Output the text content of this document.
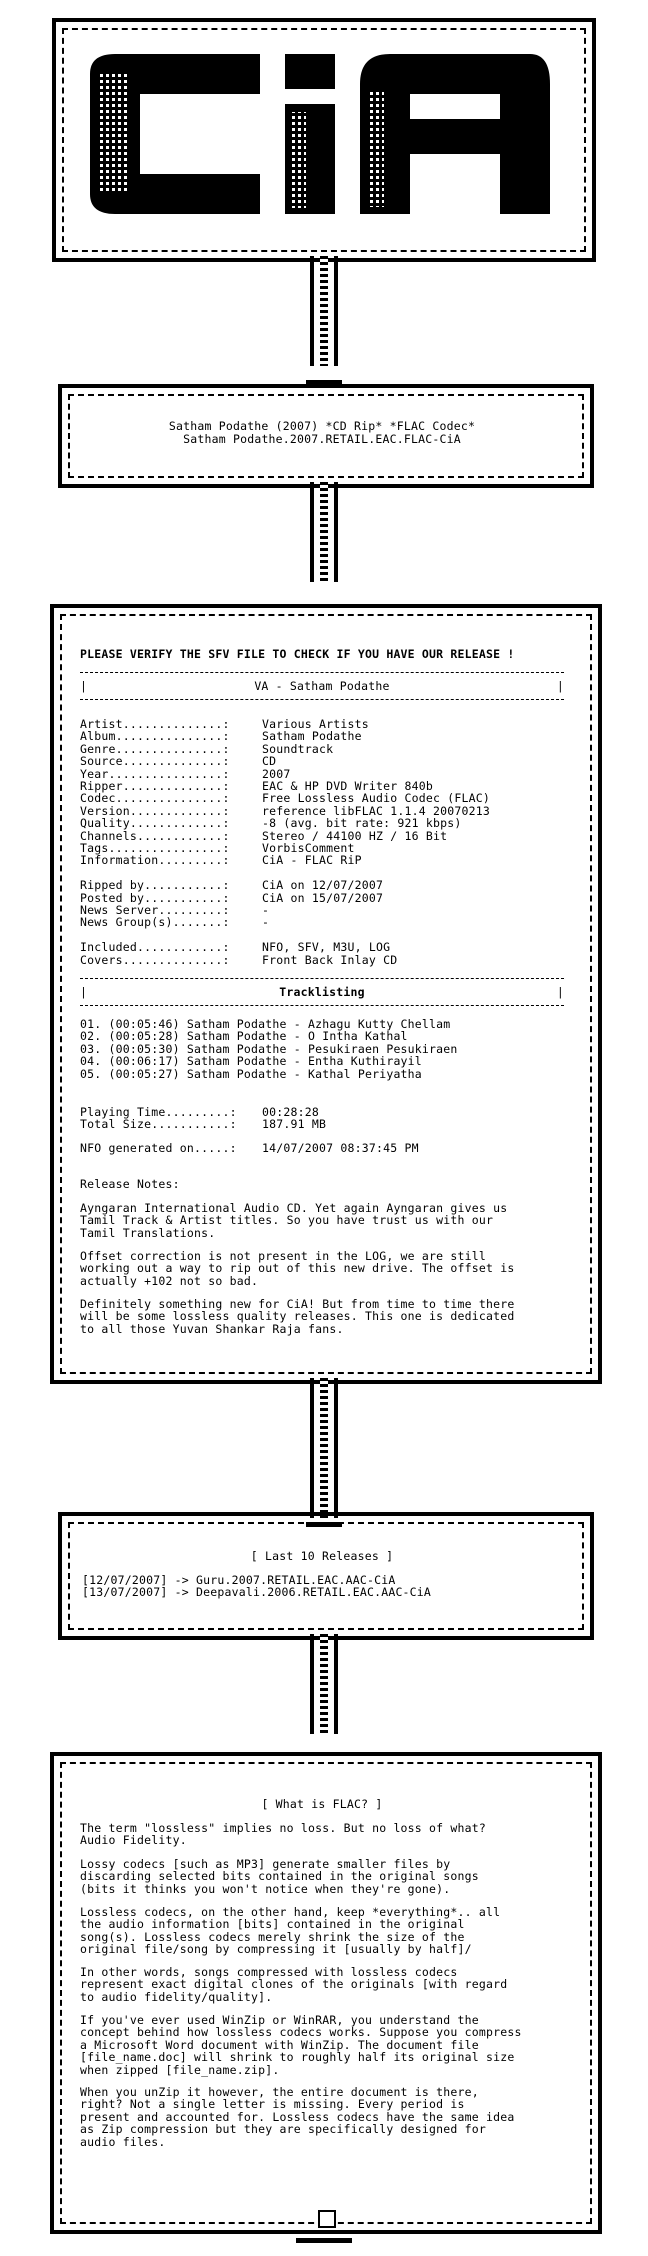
Satham Podathe (2007) *CD Rip* *FLAC Codec*
Satham Podathe.2007.RETAIL.EAC.FLAC-CiA
PLEASE VERIFY THE SFV FILE TO CHECK IF YOU HAVE OUR RELEASE !
VA - Satham Podathe
|	|
Artist..............:	Various Artists
Album...............:	Satham Podathe
Genre...............:	Soundtrack
Source..............:	CD
Year................:	2007
Ripper..............:	EAC & HP DVD Writer 840b
Codec...............:	Free Lossless Audio Codec (FLAC)
Version.............:	reference libFLAC 1.1.4 20070213
Quality.............:	-8 (avg. bit rate: 921 kbps)
Channels............:	Stereo / 44100 HZ / 16 Bit
Tags................:	VorbisComment
Information.........:	CiA - FLAC RiP
Ripped by...........:	CiA on 12/07/2007
Posted by...........:	CiA on 15/07/2007
News Server.........:	-
News Group(s).......:	-
Included............:	NFO, SFV, M3U, LOG
Covers..............:	Front Back Inlay CD
Tracklisting
|	|
01. (00:05:46) Satham Podathe - Azhagu Kutty Chellam
02. (00:05:28) Satham Podathe - O Intha Kathal
03. (00:05:30) Satham Podathe - Pesukiraen Pesukiraen
04. (00:06:17) Satham Podathe - Entha Kuthirayil
05. (00:05:27) Satham Podathe - Kathal Periyatha
Playing Time.........: 00:28:28
Total Size...........: 187.91 MB
NFO generated on.....: 14/07/2007 08:37:45 PM
Release Notes:
Ayngaran International Audio CD. Yet again Ayngaran gives us
Tamil Track & Artist titles. So you have trust us with our
Tamil Translations.
Offset correction is not present in the LOG, we are still
working out a way to rip out of this new drive. The offset is
actually +102 not so bad.
Definitely something new for CiA! But from time to time there
will be some lossless quality releases. This one is dedicated
to all those Yuvan Shankar Raja fans.
[ Last 10 Releases ]
[12/07/2007] -> Guru.2007.RETAIL.EAC.AAC-CiA
[13/07/2007] -> Deepavali.2006.RETAIL.EAC.AAC-CiA
[ What is FLAC? ]
The term "lossless" implies no loss. But no loss of what?
Audio Fidelity.
Lossy codecs [such as MP3] generate smaller files by
discarding selected bits contained in the original songs
(bits it thinks you won't notice when they're gone).
Lossless codecs, on the other hand, keep *everything*.. all
the audio information [bits] contained in the original
song(s). Lossless codecs merely shrink the size of the
original file/song by compressing it [usually by half]/
In other words, songs compressed with lossless codecs
represent exact digital clones of the originals [with regard
to audio fidelity/quality].
If you've ever used WinZip or WinRAR, you understand the
concept behind how lossless codecs works. Suppose you compress
a Microsoft Word document with WinZip. The document file
[file_name.doc] will shrink to roughly half its original size
when zipped [file_name.zip].
When you unZip it however, the entire document is there,
right? Not a single letter is missing. Every period is
present and accounted for. Lossless codecs have the same idea
as Zip compression but they are specifically designed for
audio files.
